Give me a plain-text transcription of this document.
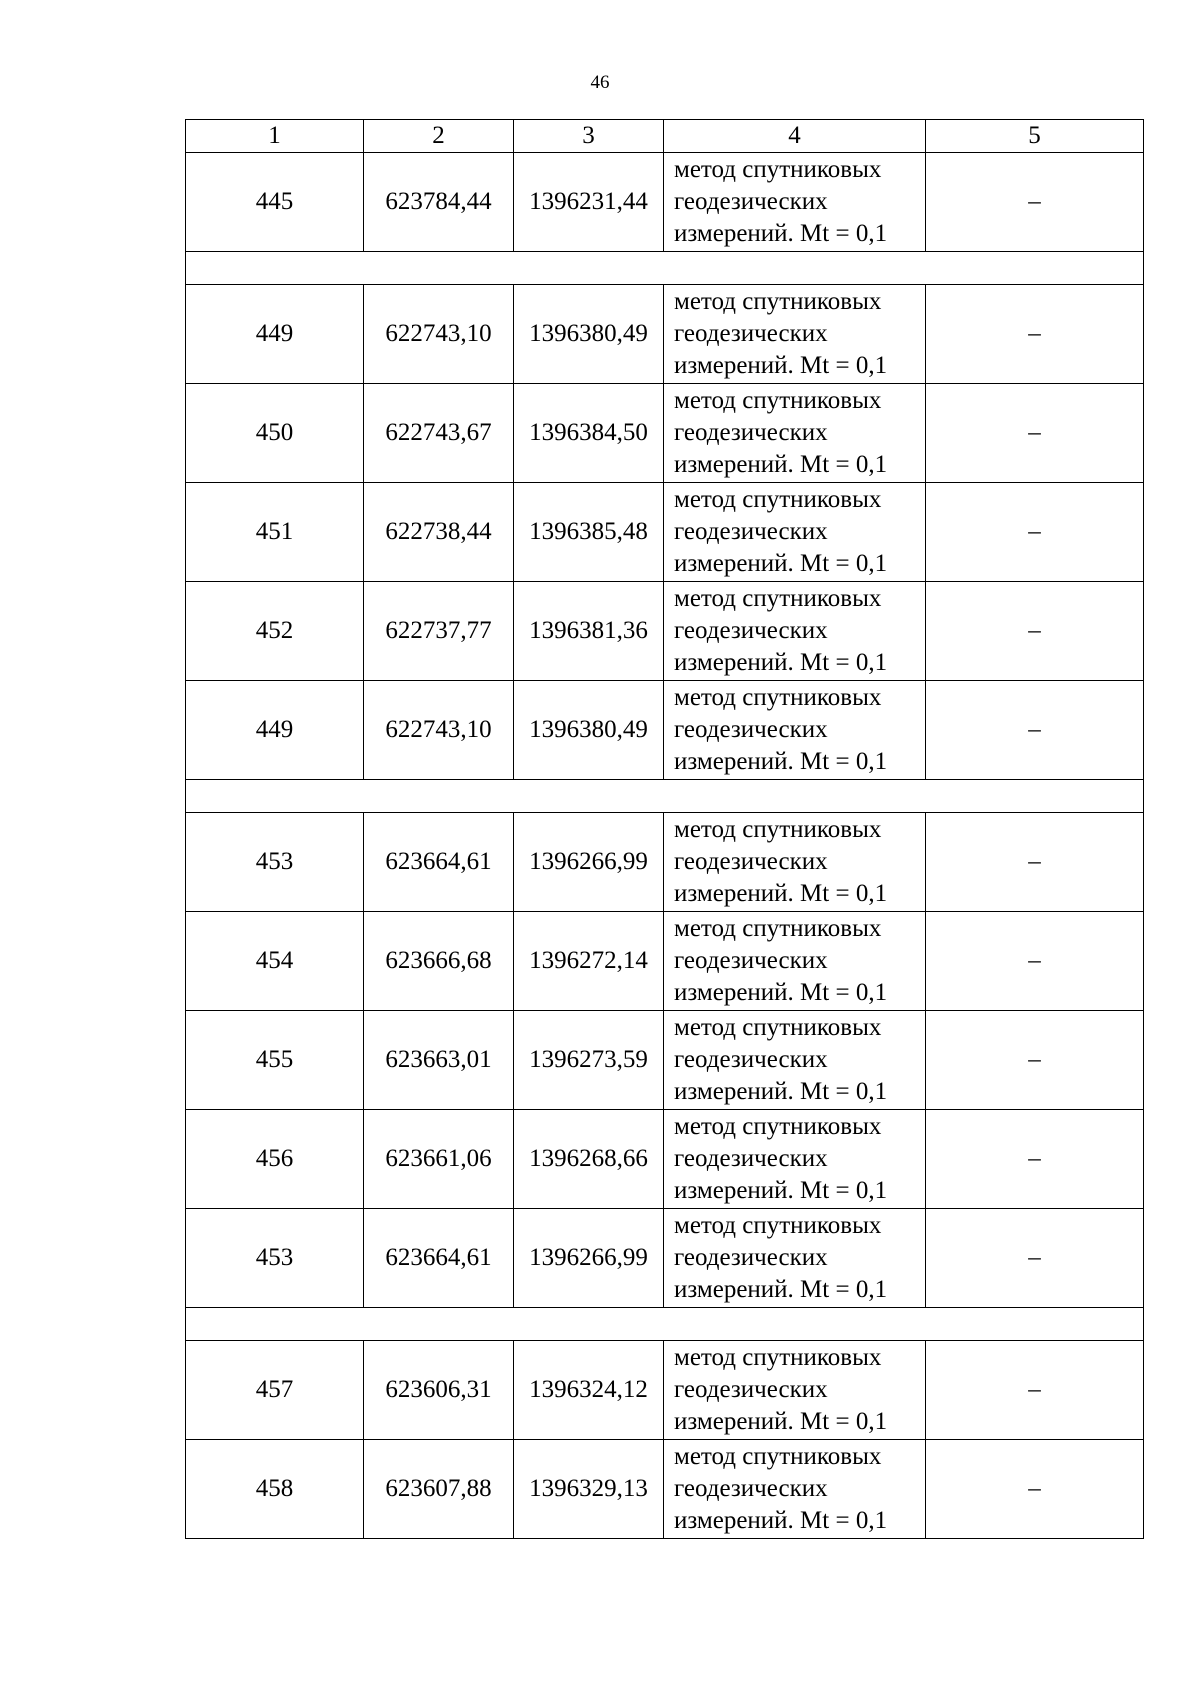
46
1	2	3	4	5
445	623784,44	1396231,44	метод спутниковых
геодезических
измерений. Mt = 0,1	–

449	622743,10	1396380,49	метод спутниковых
геодезических
измерений. Mt = 0,1	–
450	622743,67	1396384,50	метод спутниковых
геодезических
измерений. Mt = 0,1	–
451	622738,44	1396385,48	метод спутниковых
геодезических
измерений. Mt = 0,1	–
452	622737,77	1396381,36	метод спутниковых
геодезических
измерений. Mt = 0,1	–
449	622743,10	1396380,49	метод спутниковых
геодезических
измерений. Mt = 0,1	–

453	623664,61	1396266,99	метод спутниковых
геодезических
измерений. Mt = 0,1	–
454	623666,68	1396272,14	метод спутниковых
геодезических
измерений. Mt = 0,1	–
455	623663,01	1396273,59	метод спутниковых
геодезических
измерений. Mt = 0,1	–
456	623661,06	1396268,66	метод спутниковых
геодезических
измерений. Mt = 0,1	–
453	623664,61	1396266,99	метод спутниковых
геодезических
измерений. Mt = 0,1	–

457	623606,31	1396324,12	метод спутниковых
геодезических
измерений. Mt = 0,1	–
458	623607,88	1396329,13	метод спутниковых
геодезических
измерений. Mt = 0,1	–
